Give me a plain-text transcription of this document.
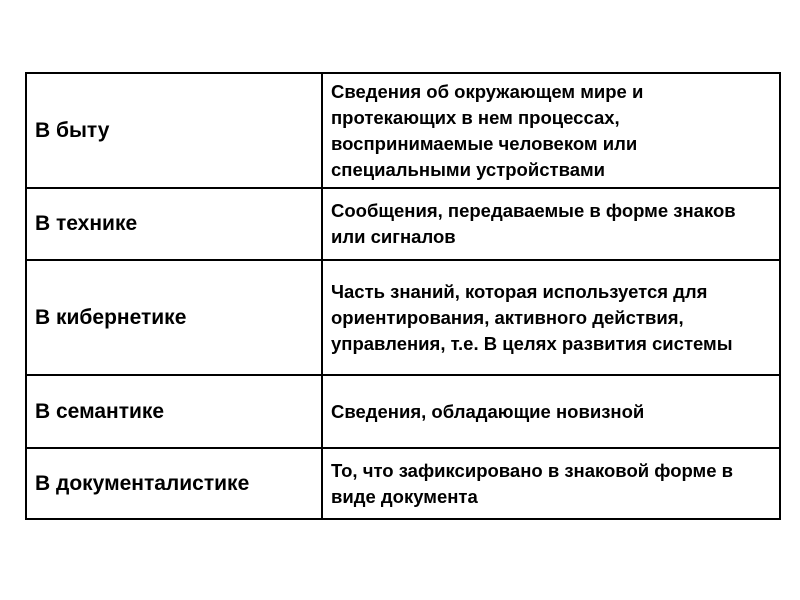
В быту	Сведения об окружающем мире и протекающих в нем процессах, воспринимаемые человеком или специальными устройствами
В технике	Сообщения, передаваемые в форме знаков или сигналов
В кибернетике	Часть знаний, которая используется для ориентирования, активного действия, управления, т.е. В целях развития системы
В семантике	Сведения, обладающие новизной
В документалистике	То, что зафиксировано в знаковой форме в виде документа
